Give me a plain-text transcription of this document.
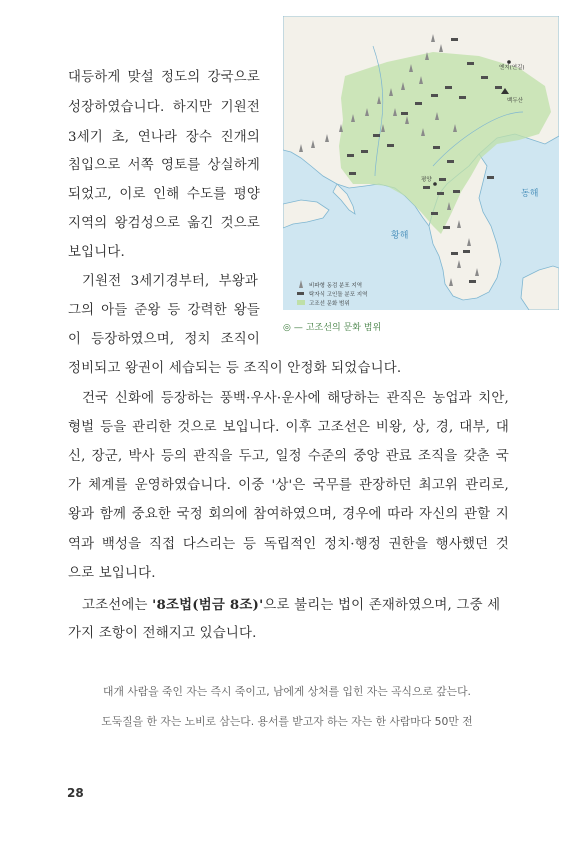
대등하게 맞설 정도의 강국으로
성장하였습니다. 하지만 기원전
3세기 초, 연나라 장수 진개의
침입으로 서쪽 영토를 상실하게
되었고, 이로 인해 수도를 평양
지역의 왕검성으로 옮긴 것으로
보입니다.
기원전 3세기경부터, 부왕과
그의 아들 준왕 등 강력한 왕들
이 등장하였으며, 정치 조직이
정비되고 왕권이 세습되는 등 조직이 안정화 되었습니다.
옌지(연길)
백두산
평양
동해
황해
비파형 동검 분포 지역
탁자식 고인돌 분포 지역
고조선 문화 범위
◎ — 고조선의 문화 범위
건국 신화에 등장하는 풍백·우사·운사에 해당하는 관직은 농업과 치안,
형벌 등을 관리한 것으로 보입니다. 이후 고조선은 비왕, 상, 경, 대부, 대
신, 장군, 박사 등의 관직을 두고, 일정 수준의 중앙 관료 조직을 갖춘 국
가 체계를 운영하였습니다. 이중 '상'은 국무를 관장하던 최고위 관리로,
왕과 함께 중요한 국정 회의에 참여하였으며, 경우에 따라 자신의 관할 지
역과 백성을 직접 다스리는 등 독립적인 정치·행정 권한을 행사했던 것
으로 보입니다.
고조선에는 '8조법(범금 8조)'으로 불리는 법이 존재하였으며, 그중 세
가지 조항이 전해지고 있습니다.
대개 사람을 죽인 자는 즉시 죽이고, 남에게 상처를 입힌 자는 곡식으로 갚는다.
도둑질을 한 자는 노비로 삼는다. 용서를 받고자 하는 자는 한 사람마다 50만 전
28
